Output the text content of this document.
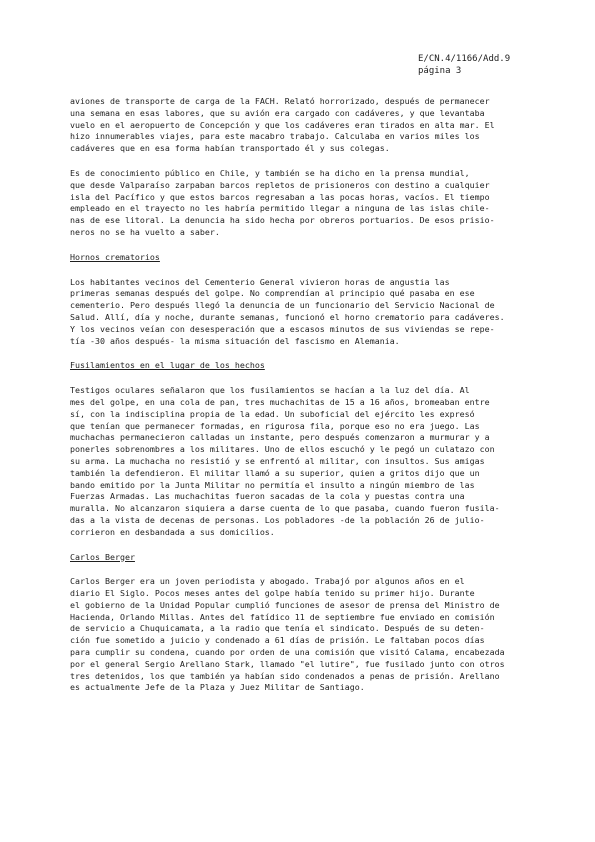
E/CN.4/1166/Add.9
página 3
aviones de transporte de carga de la FACH. Relató horrorizado, después de permanecer
una semana en esas labores, que su avión era cargado con cadáveres, y que levantaba
vuelo en el aeropuerto de Concepción y que los cadáveres eran tirados en alta mar. El
hizo innumerables viajes, para este macabro trabajo. Calculaba en varios miles los
cadáveres que en esa forma habían transportado él y sus colegas.
Es de conocimiento público en Chile, y también se ha dicho en la prensa mundial,
que desde Valparaíso zarpaban barcos repletos de prisioneros con destino a cualquier
isla del Pacífico y que estos barcos regresaban a las pocas horas, vacíos. El tiempo
empleado en el trayecto no les habría permitido llegar a ninguna de las islas chile-
nas de ese litoral. La denuncia ha sido hecha por obreros portuarios. De esos prisio-
neros no se ha vuelto a saber.
Hornos crematorios
Los habitantes vecinos del Cementerio General vivieron horas de angustia las
primeras semanas después del golpe. No comprendían al principio qué pasaba en ese
cementerio. Pero después llegó la denuncia de un funcionario del Servicio Nacional de
Salud. Allí, día y noche, durante semanas, funcionó el horno crematorio para cadáveres.
Y los vecinos veían con desesperación que a escasos minutos de sus viviendas se repe-
tía -30 años después- la misma situación del fascismo en Alemania.
Fusilamientos en el lugar de los hechos
Testigos oculares señalaron que los fusilamientos se hacían a la luz del día. Al
mes del golpe, en una cola de pan, tres muchachitas de 15 a 16 años, bromeaban entre
sí, con la indisciplina propia de la edad. Un suboficial del ejército les expresó
que tenían que permanecer formadas, en rigurosa fila, porque eso no era juego. Las
muchachas permanecieron calladas un instante, pero después comenzaron a murmurar y a
ponerles sobrenombres a los militares. Uno de ellos escuchó y le pegó un culatazo con
su arma. La muchacha no resistió y se enfrentó al militar, con insultos. Sus amigas
también la defendieron. El militar llamó a su superior, quien a gritos dijo que un
bando emitido por la Junta Militar no permitía el insulto a ningún miembro de las
Fuerzas Armadas. Las muchachitas fueron sacadas de la cola y puestas contra una
muralla. No alcanzaron siquiera a darse cuenta de lo que pasaba, cuando fueron fusila-
das a la vista de decenas de personas. Los pobladores -de la población 26 de julio-
corrieron en desbandada a sus domicilios.
Carlos Berger
Carlos Berger era un joven periodista y abogado. Trabajó por algunos años en el
diario El Siglo. Pocos meses antes del golpe había tenido su primer hijo. Durante
el gobierno de la Unidad Popular cumplió funciones de asesor de prensa del Ministro de
Hacienda, Orlando Millas. Antes del fatídico 11 de septiembre fue enviado en comisión
de servicio a Chuquicamata, a la radio que tenía el sindicato. Después de su deten-
ción fue sometido a juicio y condenado a 61 días de prisión. Le faltaban pocos días
para cumplir su condena, cuando por orden de una comisión que visitó Calama, encabezada
por el general Sergio Arellano Stark, llamado "el lutire", fue fusilado junto con otros
tres detenidos, los que también ya habían sido condenados a penas de prisión. Arellano
es actualmente Jefe de la Plaza y Juez Militar de Santiago.
